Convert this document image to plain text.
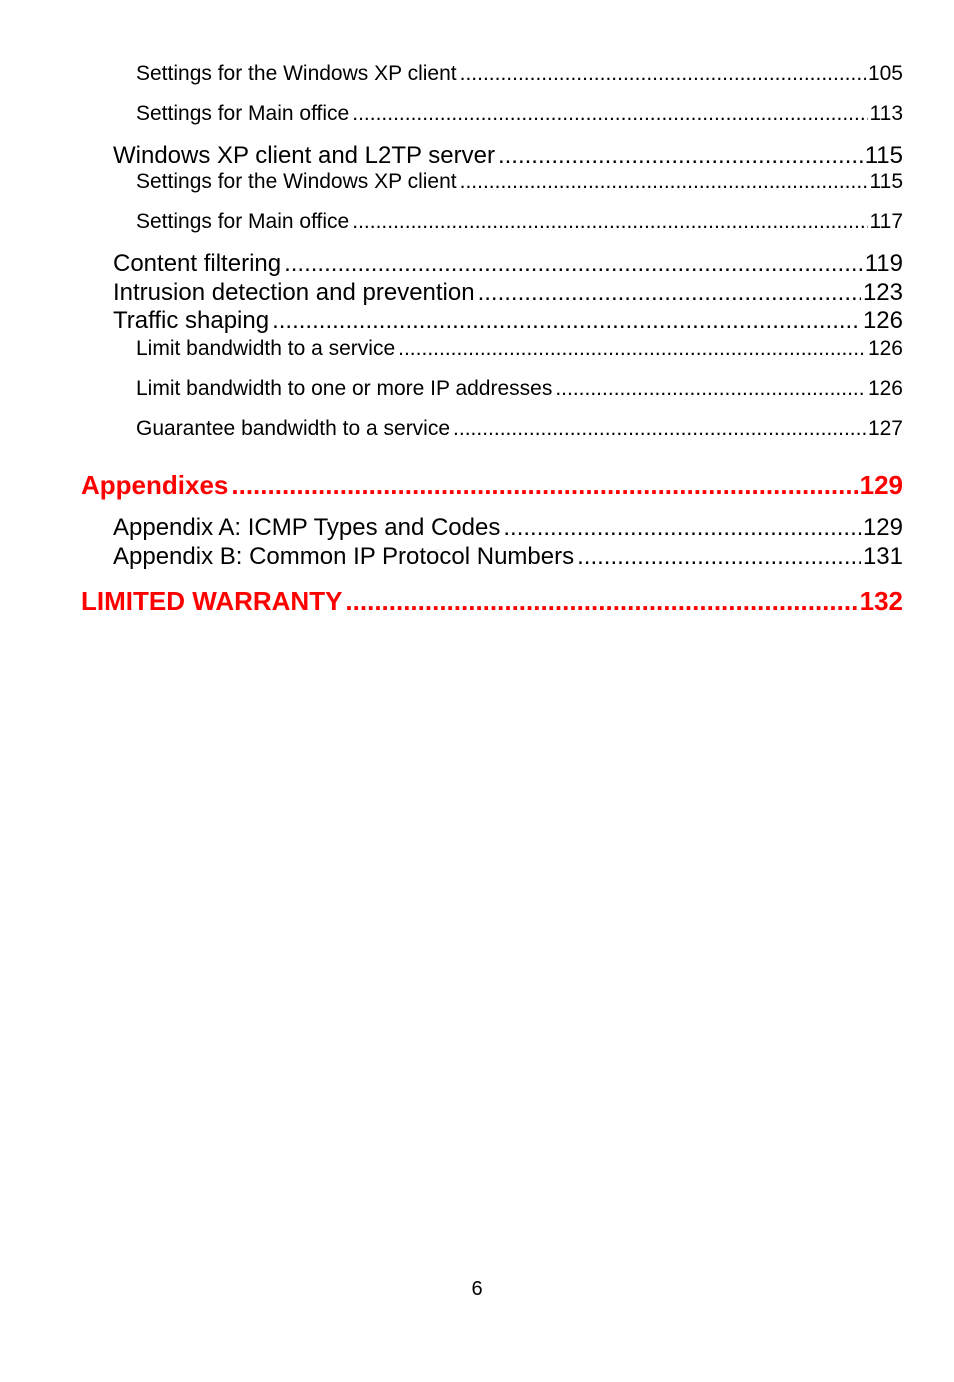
Settings for the Windows XP client .....	105
Settings for Main office .....	113
Windows XP client and L2TP server .....	115
Settings for the Windows XP client .....	115
Settings for Main office .....	117
Content filtering .....	119
Intrusion detection and prevention .....	123
Traffic shaping .....	126
Limit bandwidth to a service .....	126
Limit bandwidth to one or more IP addresses .....	126
Guarantee bandwidth to a service .....	127
Appendixes .....	129
Appendix A: ICMP Types and Codes .....	129
Appendix B: Common IP Protocol Numbers .....	131
LIMITED WARRANTY .....	132
6
